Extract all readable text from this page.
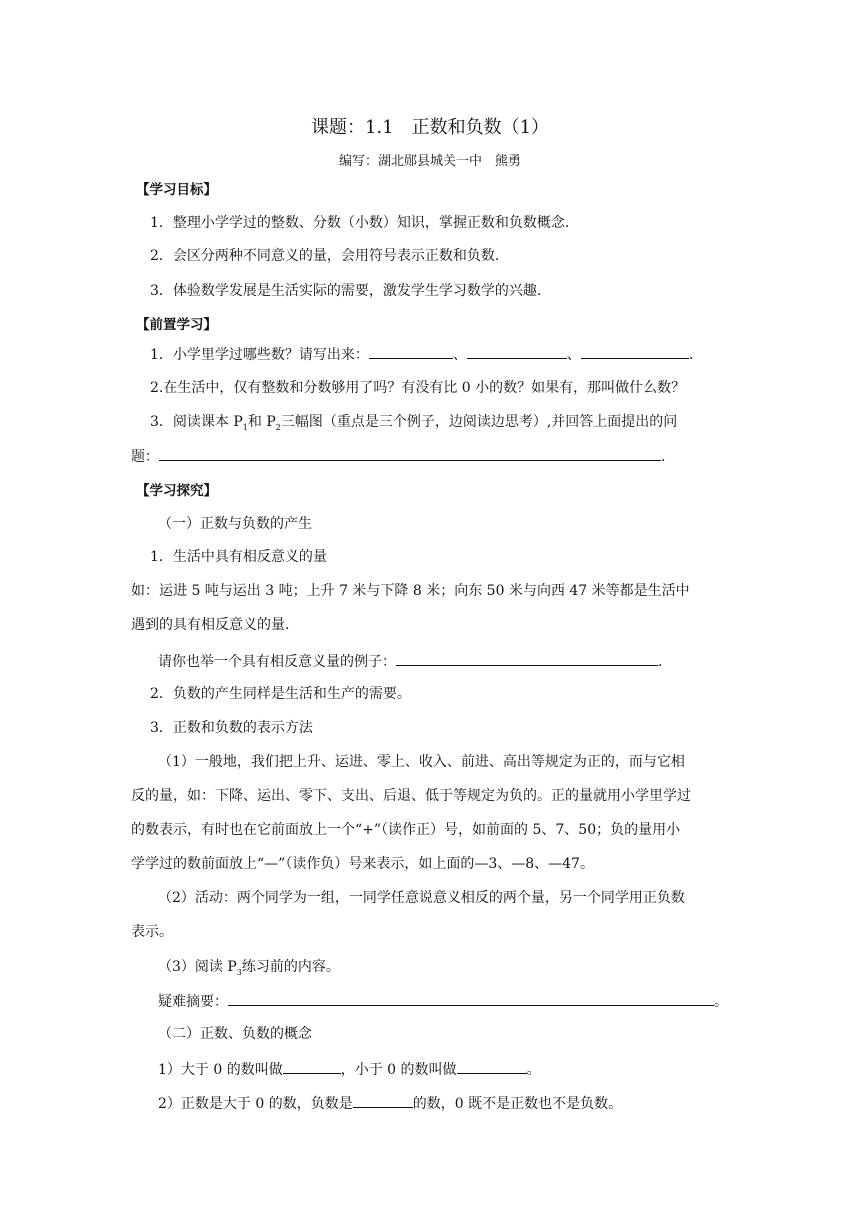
课题：1.1　正数和负数（1）
编写：湖北郧县城关一中　熊勇
【学习目标】
1．整理小学学过的整数、分数（小数）知识，掌握正数和负数概念.
2．会区分两种不同意义的量，会用符号表示正数和负数.
3．体验数学发展是生活实际的需要，激发学生学习数学的兴趣.
【前置学习】
1．小学里学过哪些数？请写出来：	、	、	.
2.在生活中，仅有整数和分数够用了吗？有没有比 0 小的数？如果有，那叫做什么数？
3．阅读课本 $P_1$和 $P_2$三幅图（重点是三个例子，边阅读边思考）,并回答上面提出的问
题：	.
【学习探究】
（一）正数与负数的产生
1．生活中具有相反意义的量
如：运进 5 吨与运出 3 吨；上升 7 米与下降 8 米；向东 50 米与向西 47 米等都是生活中
遇到的具有相反意义的量.
请你也举一个具有相反意义量的例子：	.
2．负数的产生同样是生活和生产的需要。
3．正数和负数的表示方法
（1）一般地，我们把上升、运进、零上、收入、前进、高出等规定为正的，而与它相
反的量，如：下降、运出、零下、支出、后退、低于等规定为负的。正的量就用小学里学过
的数表示，有时也在它前面放上一个“+”（读作正）号，如前面的 5、7、50；负的量用小
学学过的数前面放上“—”（读作负）号来表示，如上面的—3、—8、—47。
（2）活动：两个同学为一组，一同学任意说意义相反的两个量，另一个同学用正负数
表示。
（3）阅读 $P_3$练习前的内容。
疑难摘要：	。
（二）正数、负数的概念
1）大于 0 的数叫做	，小于 0 的数叫做	。
2）正数是大于 0 的数，负数是	的数，0 既不是正数也不是负数。
